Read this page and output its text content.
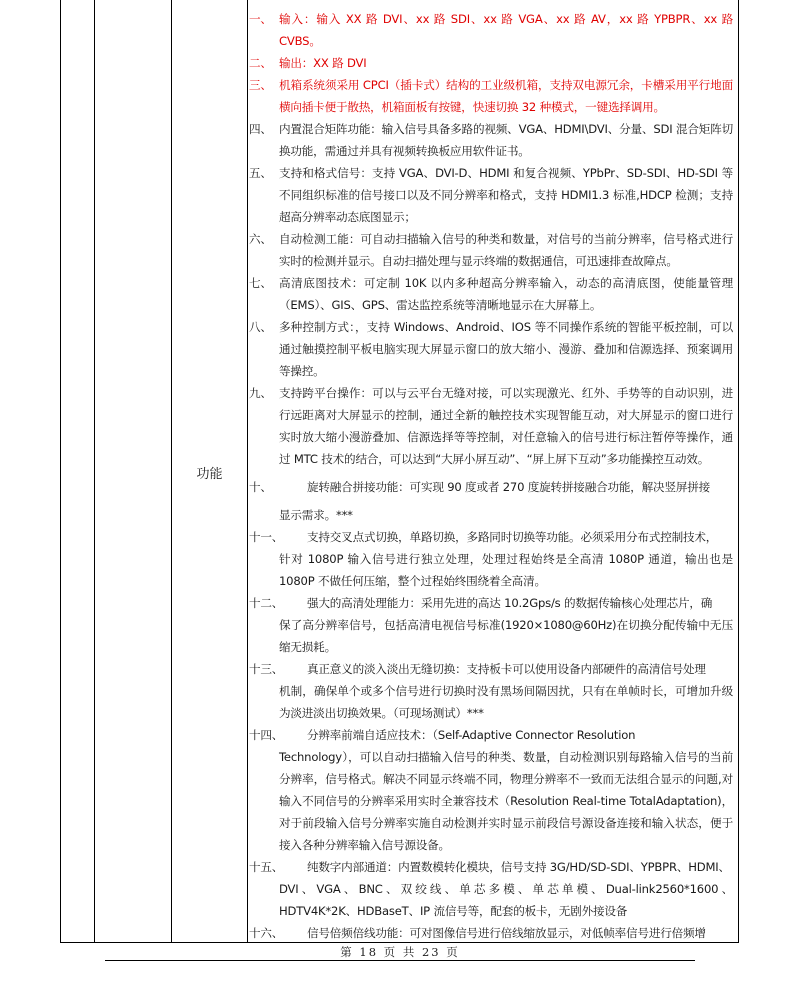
功能
一、 输入：输入 XX 路 DVI、xx 路 SDI、xx 路 VGA、xx 路 AV，xx 路 YPBPR、xx 路 CVBS。
二、 输出：XX 路 DVI
三、 机箱系统须采用 CPCI（插卡式）结构的工业级机箱，支持双电源冗余，卡槽采用平行地面横向插卡便于散热，机箱面板有按键，快速切换 32 种模式，一键选择调用。
四、 内置混合矩阵功能：输入信号具备多路的视频、VGA、HDMI\DVI、分量、SDI 混合矩阵切换功能，需通过并具有视频转换板应用软件证书。
五、 支持和格式信号：支持 VGA、DVI-D、HDMI 和复合视频、YPbPr、SD-SDI、HD-SDI 等不同组织标准的信号接口以及不同分辨率和格式，支持 HDMI1.3 标准,HDCP 检测；支持超高分辨率动态底图显示；
六、 自动检测工能：可自动扫描输入信号的种类和数量，对信号的当前分辨率，信号格式进行实时的检测并显示。自动扫描处理与显示终端的数据通信，可迅速排查故障点。
七、 高清底图技术：可定制 10K 以内多种超高分辨率输入，动态的高清底图，使能量管理（EMS）、GIS、GPS、雷达监控系统等清晰地显示在大屏幕上。
八、 多种控制方式：，支持 Windows、Android、IOS 等不同操作系统的智能平板控制，可以通过触摸控制平板电脑实现大屏显示窗口的放大缩小、漫游、叠加和信源选择、预案调用等操控。
九、 支持跨平台操作：可以与云平台无缝对接，可以实现激光、红外、手势等的自动识别，进行远距离对大屏显示的控制，通过全新的触控技术实现智能互动，对大屏显示的窗口进行实时放大缩小漫游叠加、信源选择等等控制，对任意输入的信号进行标注暂停等操作，通过 MTC 技术的结合，可以达到“大屏小屏互动”、“屏上屏下互动”多功能操控互动效。
十、	旋转融合拼接功能：可实现 90 度或者 270 度旋转拼接融合功能，解决竖屏拼接
显示需求。***
十一、	支持交叉点式切换，单路切换，多路同时切换等功能。必须采用分布式控制技术，
针对 1080P 输入信号进行独立处理，处理过程始终是全高清 1080P 通道，输出也是 1080P 不做任何压缩，整个过程始终围绕着全高清。
十二、	强大的高清处理能力：采用先进的高达 10.2Gps/s 的数据传输核心处理芯片，确
保了高分辨率信号，包括高清电视信号标准(1920×1080@60Hz)在切换分配传输中无压缩无损耗。
十三、	真正意义的淡入淡出无缝切换：支持板卡可以使用设备内部硬件的高清信号处理
机制，确保单个或多个信号进行切换时没有黑场间隔因扰，只有在单帧时长，可增加升级为淡进淡出切换效果。（可现场测试）***
十四、	分辨率前端自适应技术：（Self-Adaptive Connector Resolution
Technology），可以自动扫描输入信号的种类、数量，自动检测识别每路输入信号的当前分辨率，信号格式。解决不同显示终端不同，物理分辨率不一致而无法组合显示的问题,对输入不同信号的分辨率采用实时全兼容技术（Resolution Real-time TotalAdaptation)，对于前段输入信号分辨率实施自动检测并实时显示前段信号源设备连接和输入状态，便于接入各种分辨率输入信号源设备。
十五、	纯数字内部通道：内置数模转化模块，信号支持 3G/HD/SD-SDI、YPBPR、HDMI、
DVI、VGA、BNC、双绞线、单芯多模、单芯单模、Dual-link2560*1600、HDTV4K*2K、HDBaseT、IP 流信号等，配套的板卡，无剧外接设备
十六、	信号倍频倍线功能：可对图像信号进行倍线缩放显示，对低帧率信号进行倍频增
第 18 页 共 23 页
